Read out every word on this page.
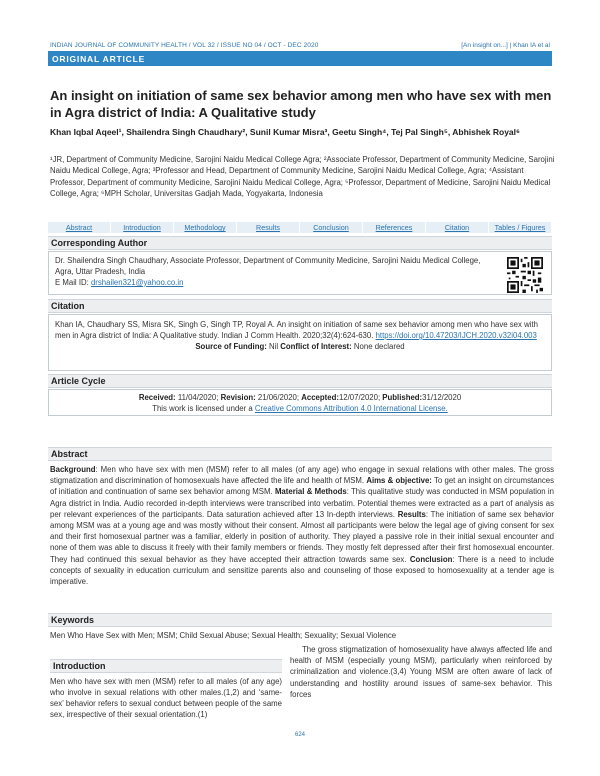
INDIAN JOURNAL OF COMMUNITY HEALTH / VOL 32 / ISSUE NO 04 / OCT - DEC 2020	[An insight on...] | Khan IA et al
ORIGINAL ARTICLE
An insight on initiation of same sex behavior among men who have sex with men in Agra district of India: A Qualitative study
Khan Iqbal Aqeel¹, Shailendra Singh Chaudhary², Sunil Kumar Misra³, Geetu Singh⁴, Tej Pal Singh⁵, Abhishek Royal⁶
¹JR, Department of Community Medicine, Sarojini Naidu Medical College Agra; ²Associate Professor, Department of Community Medicine, Sarojini Naidu Medical College, Agra; ³Professor and Head, Department of Community Medicine, Sarojini Naidu Medical College, Agra; ⁴Assistant Professor, Department of community Medicine, Sarojini Naidu Medical College, Agra; ⁵Professor, Department of Medicine, Sarojini Naidu Medical College, Agra; ⁶MPH Scholar, Universitas Gadjah Mada, Yogyakarta, Indonesia
Abstract	Introduction	Methodology	Results	Conclusion	References	Citation	Tables / Figures
Corresponding Author
Dr. Shailendra Singh Chaudhary, Associate Professor, Department of Community Medicine, Sarojini Naidu Medical College, Agra, Uttar Pradesh, India
E Mail ID: drshailen321@yahoo.co.in
Citation
Khan IA, Chaudhary SS, Misra SK, Singh G, Singh TP, Royal A. An insight on initiation of same sex behavior among men who have sex with men in Agra district of India: A Qualitative study. Indian J Comm Health. 2020;32(4):624-630. https://doi.org/10.47203/IJCH.2020.v32i04.003
Source of Funding: Nil Conflict of Interest: None declared
Article Cycle
Received: 11/04/2020; Revision: 21/06/2020; Accepted:12/07/2020; Published:31/12/2020
This work is licensed under a Creative Commons Attribution 4.0 International License.
Abstract
Background: Men who have sex with men (MSM) refer to all males (of any age) who engage in sexual relations with other males. The gross stigmatization and discrimination of homosexuals have affected the life and health of MSM. Aims & objective: To get an insight on circumstances of initiation and continuation of same sex behavior among MSM. Material & Methods: This qualitative study was conducted in MSM population in Agra district in India. Audio recorded in-depth interviews were transcribed into verbatim. Potential themes were extracted as a part of analysis as per relevant experiences of the participants. Data saturation achieved after 13 In-depth interviews. Results: The initiation of same sex behavior among MSM was at a young age and was mostly without their consent. Almost all participants were below the legal age of giving consent for sex and their first homosexual partner was a familiar, elderly in position of authority. They played a passive role in their initial sexual encounter and none of them was able to discuss it freely with their family members or friends. They mostly felt depressed after their first homosexual encounter. They had continued this sexual behavior as they have accepted their attraction towards same sex. Conclusion: There is a need to include concepts of sexuality in education curriculum and sensitize parents also and counseling of those exposed to homosexuality at a tender age is imperative.
Keywords
Men Who Have Sex with Men; MSM; Child Sexual Abuse; Sexual Health; Sexuality; Sexual Violence
Introduction
Men who have sex with men (MSM) refer to all males (of any age) who involve in sexual relations with other males.(1,2) and ‘same-sex’ behavior refers to sexual conduct between people of the same sex, irrespective of their sexual orientation.(1)
The gross stigmatization of homosexuality have always affected life and health of MSM (especially young MSM), particularly when reinforced by criminalization and violence.(3,4) Young MSM are often aware of lack of understanding and hostility around issues of same-sex behavior. This forces
624
